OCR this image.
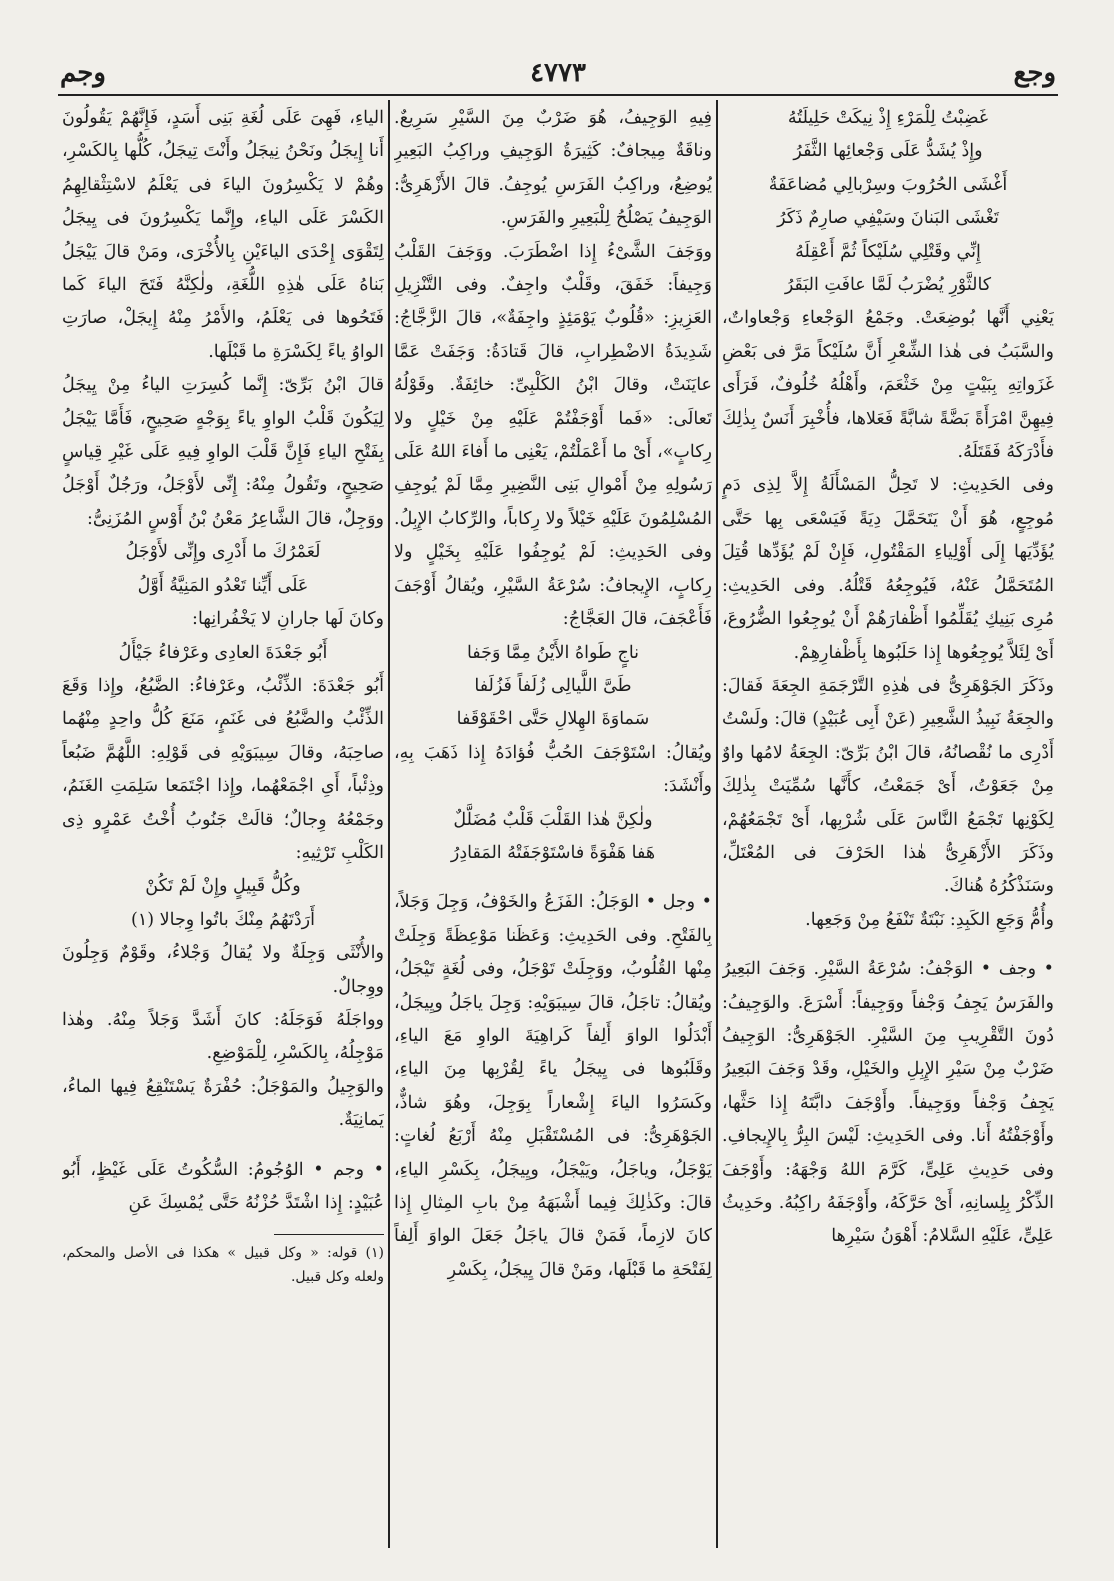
وجع
٤٧٧٣
وجم

غَضِبْتُ لِلْمَرْءِ إِذْ نِيكَتْ حَلِيلَتُهُ

وإِذْ يُشَدُّ عَلَى وَجْعائِها الثَّفَرُ

أَغْشَى الحُرُوبَ وسِرْبالِي مُضاعَفَةٌ

تَغْشَى البَنانَ وسَيْفِي صارِمٌ ذَكَرُ

إِنِّي وقَتْلِي سُلَيْكاً ثُمَّ أَعْقِلَهُ

كالثَّوْرِ يُضْرَبُ لَمَّا عافَتِ البَقَرُ

يَعْنِي أَنَّها بُوضِعَتْ. وجَمْعُ الوَجْعاءِ وَجْعاواتٌ، والسَّبَبُ فى هٰذا الشِّعْرِ أَنَّ سُلَيْكاً مَرَّ فى بَعْضِ غَزَواتِهِ بِبَيْتٍ مِنْ خَثْعَمَ، وأَهْلُهُ خُلُوفٌ، فَرَأَى فِيهِنَّ امْرَأَةً بَضَّةً شابَّةً فَعَلاها، فأُخْبِرَ أَنَسٌ بِذٰلِكَ فأَدْرَكَهُ فَقَتَلَهُ.

وفى الحَدِيثِ: لا تَحِلُّ المَسْأَلَةُ إِلاَّ لِذِى دَمٍ مُوجِعٍ، هُوَ أَنْ يَتَحَمَّلَ دِيَةً فَيَسْعَى بِها حَتَّى يُؤَدِّيَها إِلَى أَوْلِياءِ المَقْتُولِ، فَإِنْ لَمْ يُؤَدِّها قُتِلَ المُتَحَمَّلُ عَنْهُ، فَيُوجِعُهُ قَتْلُهُ. وفى الحَدِيثِ: مُرِى بَنِيكِ يُقَلِّمُوا أَظْفارَهُمْ أَنْ يُوجِعُوا الضُّرُوعَ، أَىْ لِئَلاَّ يُوجِعُوها إِذا حَلَبُوها بِأَظْفارِهِمْ.

وذَكَرَ الجَوْهَرِىُّ فى هٰذِهِ التَّرْجَمَةِ الجِعَةَ فَقالَ: والجِعَةُ نَبِيذُ الشَّعِيرِ (عَنْ أَبِى عُبَيْدٍ) قالَ: ولَسْتُ أَدْرِى ما نُقْصانُهُ، قالَ ابْنُ بَرِّىّ: الجِعَةُ لامُها واوٌ مِنْ جَعَوْتُ، أَىْ جَمَعْتُ، كأَنَّها سُمِّيَتْ بِذٰلِكَ لِكَوْنِها تَجْمَعُ النَّاسَ عَلَى شُرْبِها، أَىْ تَجْمَعُهُمْ، وذَكَرَ الأَزْهَرِىُّ هٰذا الحَرْفَ فى المُعْتَلِّ، وسَنَذْكُرُهُ هُناكَ.

وأُمُّ وَجَعِ الكَبِدِ: نَبْتَةٌ تَنْفَعُ مِنْ وَجَعِها.

• وجف • الوَجْفُ: سُرْعَةُ السَّيْرِ. وَجَفَ البَعِيرُ والفَرَسُ يَجِفُ وَجْفاً ووَجِيفاً: أَسْرَعَ. والوَجِيفُ: دُونَ التَّقْرِيبِ مِنَ السَّيْرِ. الجَوْهَرِىُّ: الوَجِيفُ ضَرْبٌ مِنْ سَيْرِ الإِبِلِ والخَيْلِ، وقَدْ وَجَفَ البَعِيرُ يَجِفُ وَجْفاً ووَجِيفاً. وأَوْجَفَ دابَّتَهُ إِذا حَثَّها، وأَوْجَفْتُهُ أَنا. وفى الحَدِيثِ: لَيْسَ البِرُّ بِالإِيجافِ. وفى حَدِيثِ عَلِىٍّ، كَرَّمَ اللهُ وَجْهَهُ: وأَوْجَفَ الذِّكْرُ بِلِسانِهِ، أَىْ حَرَّكَهُ، وأَوْجَفَهُ راكِبُهُ. وحَدِيثُ عَلِىٍّ، عَلَيْهِ السَّلامُ: أَهْوَنُ سَيْرِها

فِيهِ الوَجِيفُ، هُوَ ضَرْبٌ مِنَ السَّيْرِ سَرِيعٌ. وناقَةٌ مِيجافٌ: كَثِيرَةُ الوَجِيفِ وراكِبُ البَعِيرِ يُوضِعُ، وراكِبُ الفَرَسِ يُوجِفُ. قالَ الأَزْهَرِىُّ: الوَجِيفُ يَصْلُحُ لِلْبَعِيرِ والفَرَسِ.

ووَجَفَ الشَّىْءُ إِذا اضْطَرَبَ. ووَجَفَ القَلْبُ وَجِيفاً: خَفَقَ، وقَلْبٌ واجِفٌ. وفى التَّنْزِيلِ العَزِيزِ: «قُلُوبٌ يَوْمَئِذٍ واجِفَةٌ»، قالَ الزَّجَّاجُ: شَدِيدَةُ الاضْطِرابِ، قالَ قَتادَةُ: وَجَفَتْ عَمَّا عايَنَتْ، وقالَ ابْنُ الكَلْبِىِّ: خائِفَةٌ. وقَوْلُهُ تَعالَى: «فَما أَوْجَفْتُمْ عَلَيْهِ مِنْ خَيْلٍ ولا رِكابٍ»، أَىْ ما أَعْمَلْتُمْ، يَعْنِى ما أَفاءَ اللهُ عَلَى رَسُولِهِ مِنْ أَمْوالِ بَنِى النَّضِيرِ مِمَّا لَمْ يُوجِفِ المُسْلِمُونَ عَلَيْهِ خَيْلاً ولا رِكاباً، والرِّكابُ الإِبِلُ. وفى الحَدِيثِ: لَمْ يُوجِفُوا عَلَيْهِ بِخَيْلٍ ولا رِكابٍ، الإِيجافُ: سُرْعَةُ السَّيْرِ، ويُقالُ أَوْجَفَ فَأَعْجَفَ، قالَ العَجَّاجُ:

ناجٍ طَواهُ الأَيْنُ مِمَّا وَجَفا

طَىَّ اللَّيالِى زُلَفاً فَزُلَفا

سَماوَةَ الهِلالِ حَتَّى احْقَوْقَفا

ويُقالُ: اسْتَوْجَفَ الحُبُّ فُؤادَهُ إِذا ذَهَبَ بِهِ، وأَنْشَدَ:

ولٰكِنَّ هٰذا القَلْبَ قَلْبٌ مُضَلَّلٌ

هَفا هَفْوَةً فاسْتَوْجَفَتْهُ المَقادِرُ

• وجل • الوَجَلُ: الفَزَعُ والخَوْفُ، وَجِلَ وَجَلاً، بِالفَتْحِ. وفى الحَدِيثِ: وَعَظَنا مَوْعِظَةً وَجِلَتْ مِنْها القُلُوبُ، ووَجِلَتْ تَوْجَلُ، وفى لُغَةٍ تَيْجَلُ، ويُقالُ: تاجَلُ، قالَ سِيبَوَيْهِ: وَجِلَ ياجَلُ ويِيجَلُ، أَبْدَلُوا الواوَ أَلِفاً كَراهِيَةَ الواوِ مَعَ الياءِ، وقَلَبُوها فى يِيجَلُ ياءً لِقُرْبِها مِنَ الياءِ، وكَسَرُوا الياءَ إِشْعاراً بِوَجِلَ، وهُوَ شاذٌّ، الجَوْهَرِىُّ: فى المُسْتَقْبَلِ مِنْهُ أَرْبَعُ لُغاتٍ: يَوْجَلُ، وياجَلُ، ويَيْجَلُ، ويِيجَلُ، بِكَسْرِ الياءِ، قالَ: وكَذٰلِكَ فِيما أَشْبَهَهُ مِنْ بابِ المِثالِ إِذا كانَ لازِماً، فَمَنْ قالَ ياجَلُ جَعَلَ الواوَ أَلِفاً لِفَتْحَةِ ما قَبْلَها، ومَنْ قالَ يِيجَلُ، بِكَسْرِ

الياءِ، فَهِىَ عَلَى لُغَةِ بَنِى أَسَدٍ، فَإِنَّهُمْ يَقُولُونَ أَنا إِيجَلُ ونَحْنُ نِيجَلُ وأَنْتَ تِيجَلُ، كُلُّها بِالكَسْرِ، وهُمْ لا يَكْسِرُونَ الياءَ فى يَعْلَمُ لاسْتِثْقالِهِمُ الكَسْرَ عَلَى الياءِ، وإِنَّما يَكْسِرُونَ فى يِيجَلُ لِتَقْوَى إِحْدَى الياءَيْنِ بِالأُخْرَى، ومَنْ قالَ يَيْجَلُ بَناهُ عَلَى هٰذِهِ اللُّغَةِ، ولٰكِنَّهُ فَتَحَ الياءَ كَما فَتَحُوها فى يَعْلَمُ، والأَمْرُ مِنْهُ إِيجَلْ، صارَتِ الواوُ ياءً لِكَسْرَةِ ما قَبْلَها.

قالَ ابْنُ بَرِّىّ: إِنَّما كُسِرَتِ الياءُ مِنْ يِيجَلُ لِيَكُونَ قَلْبُ الواوِ ياءً بِوَجْهٍ صَحِيحٍ، فَأَمَّا يَيْجَلُ بِفَتْحِ الياءِ فَإِنَّ قَلْبَ الواوِ فِيهِ عَلَى غَيْرِ قِياسٍ صَحِيحٍ، وتَقُولُ مِنْهُ: إِنِّى لأَوْجَلُ، ورَجُلٌ أَوْجَلُ ووَجِلٌ، قالَ الشَّاعِرُ مَعْنُ بْنُ أَوْسٍ المُزَنِىُّ:

لَعَمْرُكَ ما أَدْرِى وإِنِّى لأَوْجَلُ

عَلَى أَيِّنا تَعْدُو المَنِيَّةُ أَوَّلُ

وكانَ لَها جارانِ لا يَخْفُرانِها:

أَبُو جَعْدَةَ العادِى وعَرْفاءُ جَيْأَلُ

أَبُو جَعْدَةَ: الذِّئْبُ، وعَرْفاءُ: الضَّبُعُ، وإِذا وَقَعَ الذِّئْبُ والضَّبُعُ فى غَنَمٍ، مَنَعَ كُلُّ واحِدٍ مِنْهُما صاحِبَهُ، وقالَ سِيبَوَيْهِ فى قَوْلِهِ: اللَّهُمَّ ضَبُعاً وذِئْباً، أَىِ اجْمَعْهُما، وإِذا اجْتَمَعا سَلِمَتِ الغَنَمُ، وجَمْعُهُ وِجالٌ؛ قالَتْ جَنُوبُ أُخْتُ عَمْرٍو ذِى الكَلْبِ تَرْثِيهِ:

وكُلُّ قَبِيلٍ وإِنْ لَمْ تَكُنْ

أَرَدْتَهُمُ مِنْكَ باتُوا وِجالا (١)

والأُنْثَى وَجِلَةٌ ولا يُقالُ وَجْلاءُ، وقَوْمٌ وَجِلُونَ ووِجالٌ.

وواجَلَهُ فَوَجَلَهُ: كانَ أَشَدَّ وَجَلاً مِنْهُ. وهٰذا مَوْجِلُهُ، بِالكَسْرِ، لِلْمَوْضِعِ.

والوَجِيلُ والمَوْجَلُ: حُفْرَةٌ يَسْتَنْقِعُ فِيها الماءُ، يَمانِيَةٌ.

• وجم • الوُجُومُ: السُّكُوتُ عَلَى غَيْظٍ، أَبُو عُبَيْدٍ: إِذا اشْتَدَّ حُزْنُهُ حَتَّى يُمْسِكَ عَنِ

(١) قوله: « وكل قبيل » هكذا فى الأصل والمحكم، ولعله وكل قبيل.
